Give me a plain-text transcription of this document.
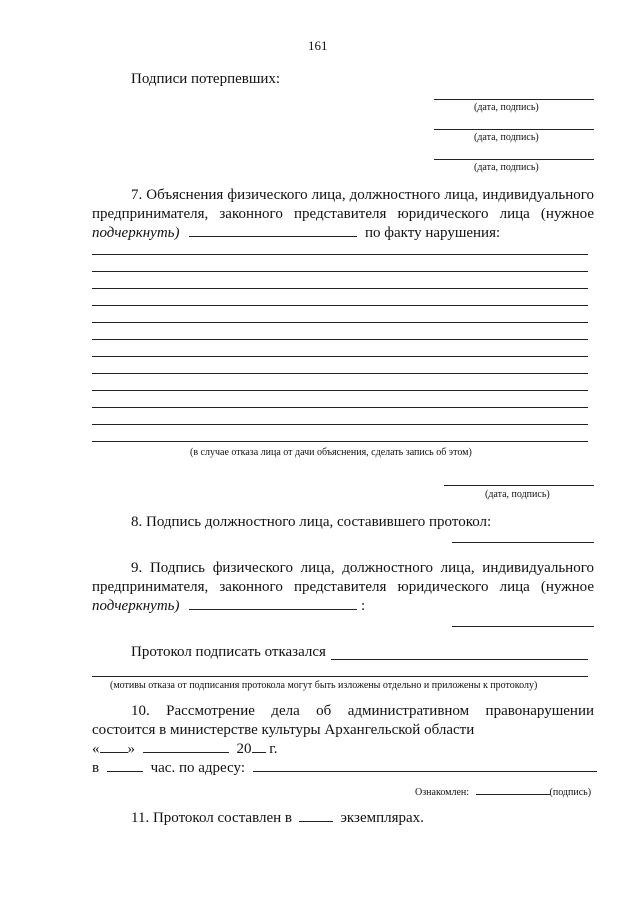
161
Подписи потерпевших:
(дата, подпись)
(дата, подпись)
(дата, подпись)
7. Объяснения физического лица, должностного лица, индивидуального
предпринимателя, законного представителя юридического лица (нужное
подчеркнуть)	по факту нарушения:
(в случае отказа лица от дачи объяснения, сделать запись об этом)
(дата, подпись)
8. Подпись должностного лица, составившего протокол:
9. Подпись физического лица, должностного лица, индивидуального
предпринимателя, законного представителя юридического лица (нужное
подчеркнуть)	:
Протокол подписать отказался
(мотивы отказа от подписания протокола могут быть изложены отдельно и приложены к протоколу)
10. Рассмотрение дела об административном правонарушении
состоится в министерстве культуры Архангельской области
« »	20 г.
в	час. по адресу:
Ознакомлен:	(подпись)
11. Протокол составлен в	экземплярах.
